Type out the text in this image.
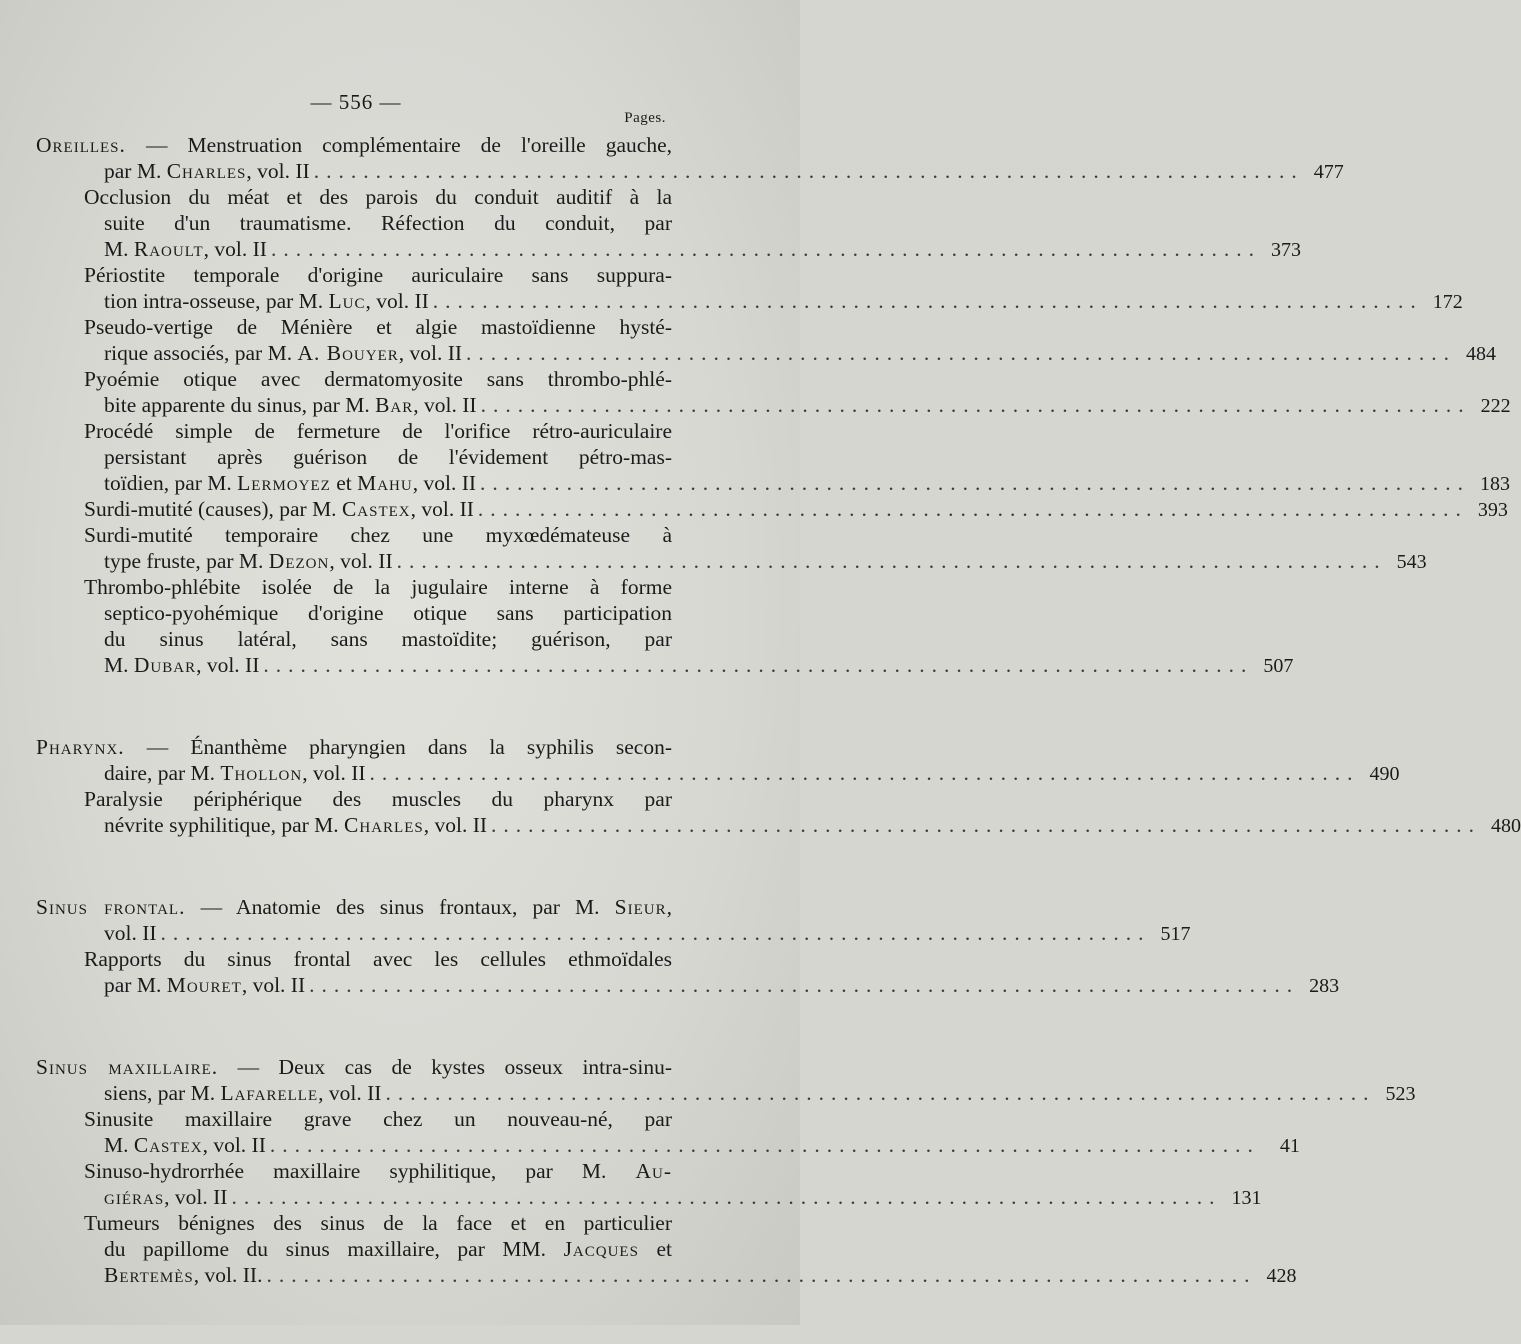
— 556 —
Pages.
Oreilles. — Menstruation complémentaire de l'oreille gauche,
par M. Charles, vol. II ................................................................................ 477
Occlusion du méat et des parois du conduit auditif à la
suite d'un traumatisme. Réfection du conduit, par
M. Raoult, vol. II ................................................................................ 373
Périostite temporale d'origine auriculaire sans suppura-
tion intra-osseuse, par M. Luc, vol. II ................................................................................ 172
Pseudo-vertige de Ménière et algie mastoïdienne hysté-
rique associés, par M. A. Bouyer, vol. II ................................................................................ 484
Pyoémie otique avec dermatomyosite sans thrombo-phlé-
bite apparente du sinus, par M. Bar, vol. II ................................................................................ 222
Procédé simple de fermeture de l'orifice rétro-auriculaire
persistant après guérison de l'évidement pétro-mas-
toïdien, par M. Lermoyez et Mahu, vol. II ................................................................................ 183
Surdi-mutité (causes), par M. Castex, vol. II ................................................................................ 393
Surdi-mutité temporaire chez une myxœdémateuse à
type fruste, par M. Dezon, vol. II ................................................................................ 543
Thrombo-phlébite isolée de la jugulaire interne à forme
septico-pyohémique d'origine otique sans participation
du sinus latéral, sans mastoïdite; guérison, par
M. Dubar, vol. II ................................................................................ 507
Pharynx. — Énanthème pharyngien dans la syphilis secon-
daire, par M. Thollon, vol. II ................................................................................ 490
Paralysie périphérique des muscles du pharynx par
névrite syphilitique, par M. Charles, vol. II ................................................................................ 480
Sinus frontal. — Anatomie des sinus frontaux, par M. Sieur,
vol. II ................................................................................ 517
Rapports du sinus frontal avec les cellules ethmoïdales
par M. Mouret, vol. II ................................................................................ 283
Sinus maxillaire. — Deux cas de kystes osseux intra-sinu-
siens, par M. Lafarelle, vol. II ................................................................................ 523
Sinusite maxillaire grave chez un nouveau-né, par
M. Castex, vol. II ................................................................................	41
Sinuso-hydrorrhée maxillaire syphilitique, par M. Au-
giéras, vol. II ................................................................................ 131
Tumeurs bénignes des sinus de la face et en particulier
du papillome du sinus maxillaire, par MM. Jacques et
Bertemès, vol. II. ................................................................................ 428
